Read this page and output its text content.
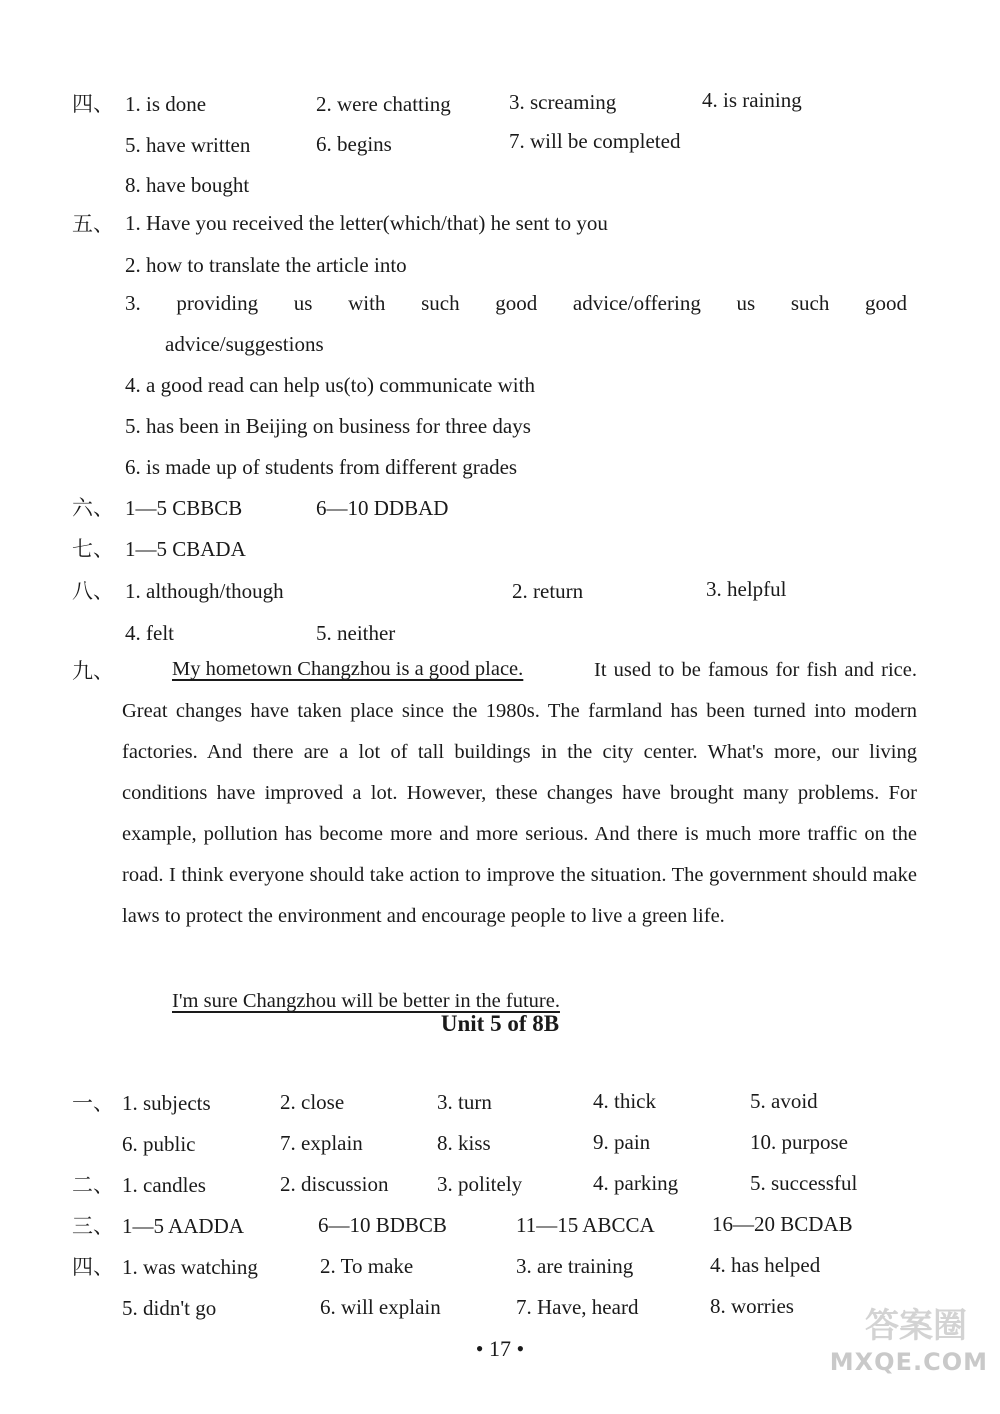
四、 1. is done	2. were chatting	3. screaming	4. is raining
5. have written	6. begins	7. will be completed
8. have bought
五、 1. Have you received the letter(which/that) he sent to you
2. how to translate the article into
3. providing us with such good advice/offering us such good
advice/suggestions
4. a good read can help us(to) communicate with
5. has been in Beijing on business for three days
6. is made up of students from different grades
六、 1—5 CBBCB	6—10 DDBAD
七、 1—5 CBADA
八、 1. although/though	2. return	3. helpful
4. felt	5. neither
九、	My hometown Changzhou is a good place.	It used to be famous for fish and rice. Great changes have taken place since the 1980s. The farmland has been turned into modern factories. And there are a lot of tall buildings in the city center. What's more, our living conditions have improved a lot. However, these changes have brought many problems. For example, pollution has become more and more serious. And there is much more traffic on the road. I think everyone should take action to improve the situation. The government should make laws to protect the environment and encourage people to live a green life.
I'm sure Changzhou will be better in the future.
Unit 5 of 8B
一、 1. subjects	2. close	3. turn	4. thick	5. avoid
6. public	7. explain	8. kiss	9. pain	10. purpose
二、 1. candles	2. discussion 3. politely	4. parking	5. successful
三、 1—5 AADDA	6—10 BDBCB	11—15 ABCCA	16—20 BCDAB
四、 1. was watching	2. To make	3. are training	4. has helped
5. didn't go	6. will explain	7. Have, heard	8. worries
• 17 •
答案圈
MXQE.COM
